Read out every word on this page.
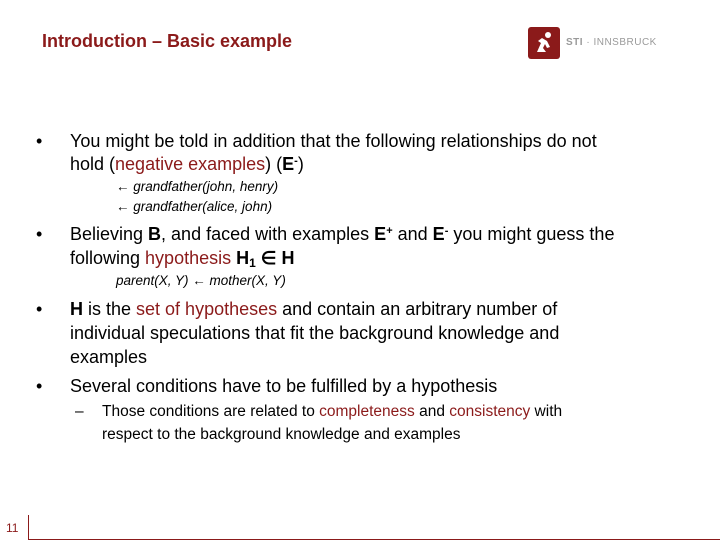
Introduction – Basic example	STI · INNSBRUCK
•	You might be told in addition that the following relationships do not
hold (negative examples) (E-)
← grandfather(john, henry)
← grandfather(alice, john)
•	Believing B, and faced with examples E+ and E- you might guess the
following hypothesis $H_1$ ∈ H
parent(X, Y) ← mother(X, Y)
•	H is the set of hypotheses and contain an arbitrary number of
individual speculations that fit the background knowledge and
examples
•	Several conditions have to be fulfilled by a hypothesis
– Those conditions are related to completeness and consistency with
respect to the background knowledge and examples
11
